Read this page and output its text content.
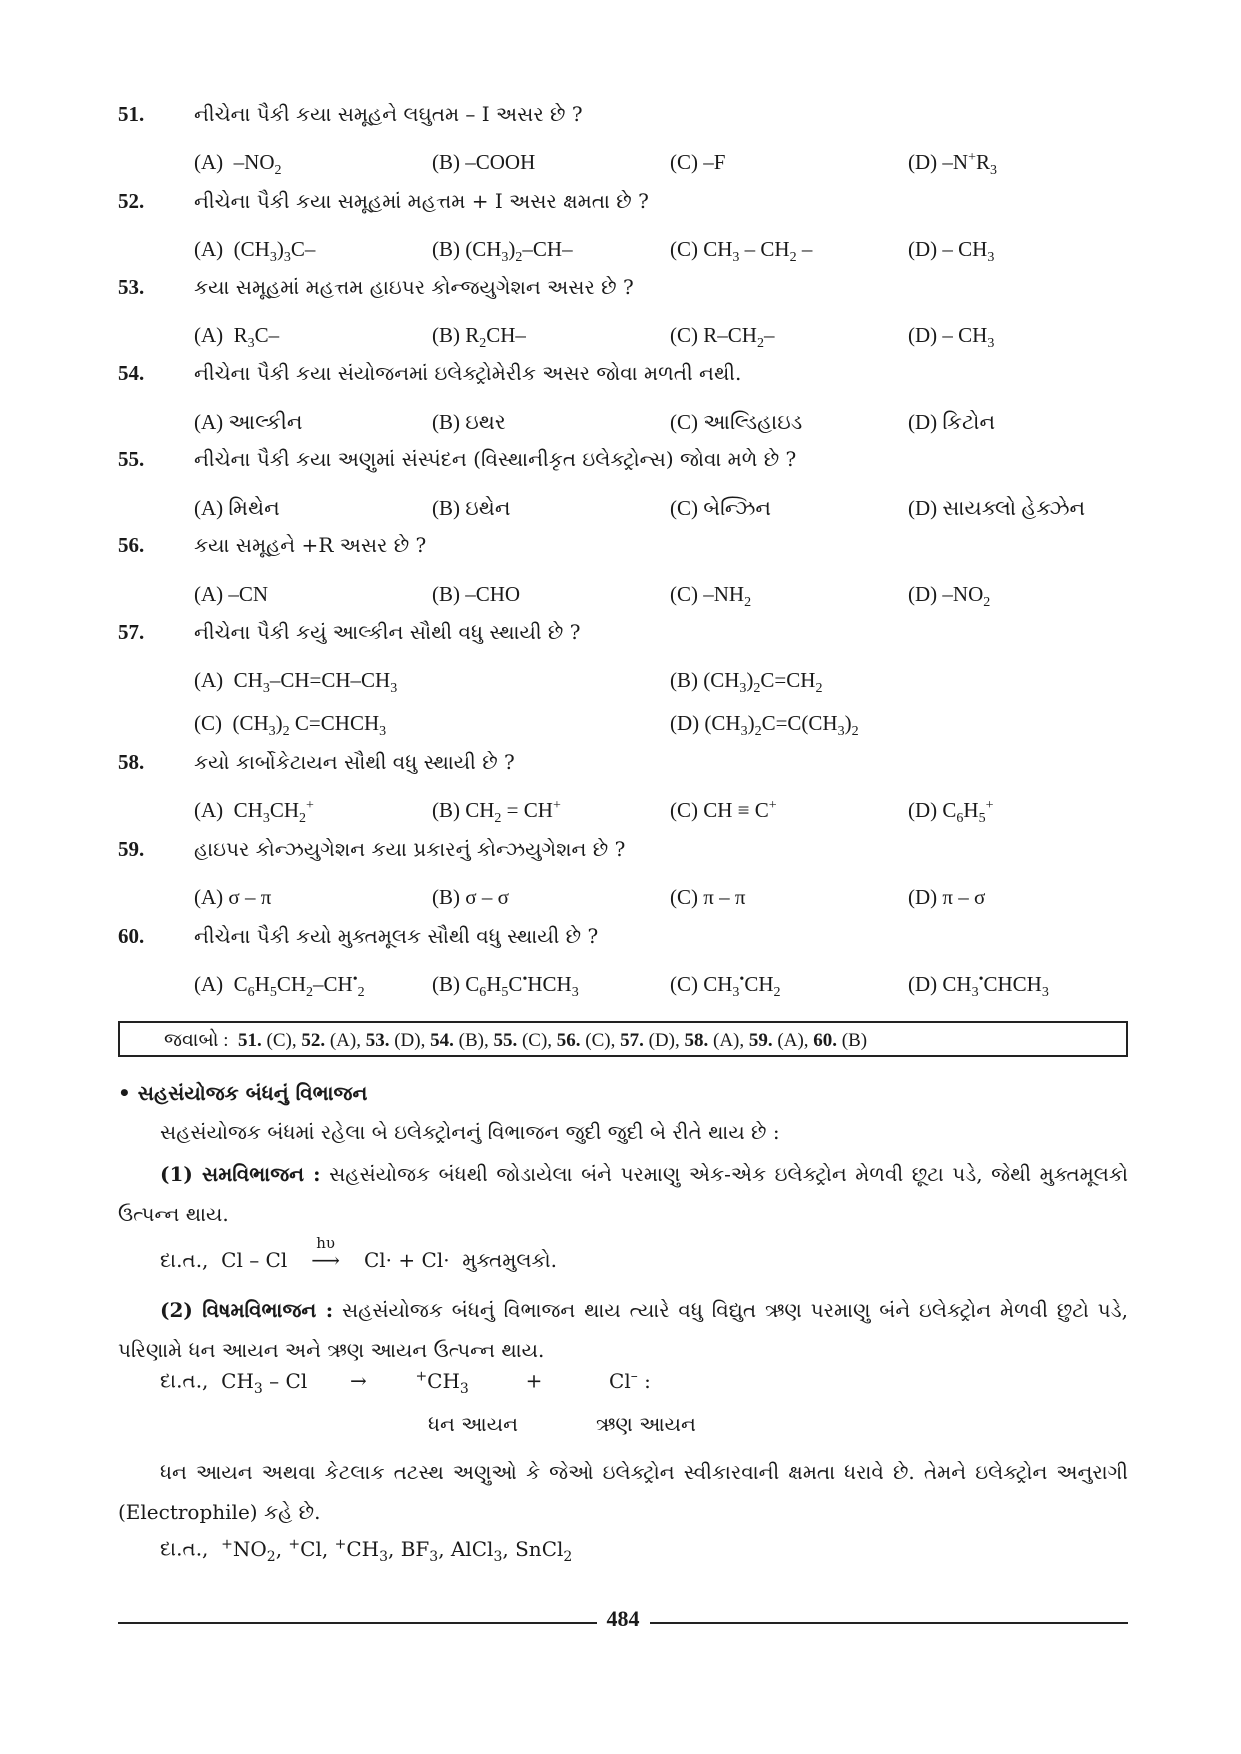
51. નીચેના પૈકી કયા સમૂહને લઘુતમ – I અસર છે ?
(A)  $-NO_2$	(B) –COOH	(C) –F	(D) $-N^+R_3$
52. નીચેના પૈકી કયા સમૂહમાં મહત્તમ + I અસર ક્ષમતા છે ?
(A)  $(CH_3)_3C-$	(B) $(CH_3)_2-CH-$	(C) $CH_3 - CH_2$ –	$(D) - CH_3$
53. કયા સમૂહમાં મહત્તમ હાઇપર કોન્જયુગેશન અસર છે ?
(A)  $R_3C-$	(B) $R_2CH-$	(C) $R-CH_2-$	$(D) - CH_3$
54. નીચેના પૈકી કયા સંયોજનમાં ઇલેક્ટ્રોમેરીક અસર જોવા મળતી નથી.
(A) આલ્કીન	(B) ઇથર	(C) આલ્ડિહાઇડ	(D) કિટોન
55. નીચેના પૈકી કયા અણુમાં સંસ્પંદન (વિસ્થાનીકૃત ઇલેક્ટ્રોન્સ) જોવા મળે છે ?
(A) મિથેન	(B) ઇથેન	(C) બેન્ઝિન	(D) સાયક્લો હેક્ઝેન
56. કયા સમૂહને +R અસર છે ?
(A) –CN	(B) –CHO	(C) $-NH_2$	(D) $-NO_2$
57. નીચેના પૈકી કયું આલ્કીન સૌથી વધુ સ્થાયી છે ?
(A)  $CH_3-CH=CH-CH_3$	(B) $(CH_3)_2C=CH_2$
(C)  $(CH_3)_2$ $C=CHCH_3$	(D) $(CH_3)_2C=C(CH_3)_2$
58. કયો કાર્બોકેટાયન સૌથી વધુ સ્થાયી છે ?
(A)  $CH_3CH_2^+$	(B) $CH_2 = CH^+$	(C) CH ≡ C+	(D) $C_6H_5^+$
59. હાઇપર કોન્ઝયુગેશન કયા પ્રકારનું કોન્ઝયુગેશન છે ?
(A) σ – π	(B) σ – σ	(C) π – π	(D) π – σ
60. નીચેના પૈકી કયો મુક્તમૂલક સૌથી વધુ સ્થાયી છે ?
(A)  $C_6H_5CH_2-CH^•_2$	(B) $C_6H_5C^•HCH_3$	(C) $CH_3^•CH_2$	(D) $CH_3^•CHCH_3$
જવાબો : 51. (C), 52. (A), 53. (D), 54. (B), 55. (C), 56. (C), 57. (D), 58. (A), 59. (A), 60. (B)
• સહસંયોજક બંધનું વિભાજન
સહસંયોજક બંધમાં રહેલા બે ઇલેક્ટ્રોનનું વિભાજન જુદી જુદી બે રીતે થાય છે :
(1) સમવિભાજન : સહસંયોજક બંધથી જોડાયેલા બંને પરમાણુ એક-એક ઇલેક્ટ્રોન મેળવી છૂટા પડે, જેથી મુક્તમૂલકો ઉત્પન્ન થાય.
દા.ત., Cl – Cl
hυ
⟶ Cl· + Cl· મુક્તમુલકો.
(2) વિષમવિભાજન : સહસંયોજક બંધનું વિભાજન થાય ત્યારે વધુ વિદ્યુત ઋણ પરમાણુ બંને ઇલેક્ટ્રોન મેળવી છુટો પડે, પરિણામે ધન આયન અને ઋણ આયન ઉત્પન્ન થાય.
દા.ત., $CH_3$ – Cl →	$^+CH_3$	+	Cl– :
ધન આયન	ઋણ આયન
ધન આયન અથવા કેટલાક તટસ્થ અણુઓ કે જેઓ ઇલેક્ટ્રોન સ્વીકારવાની ક્ષમતા ધરાવે છે. તેમને ઇલેક્ટ્રોન અનુરાગી (Electrophile) કહે છે.
દા.ત., $^+NO_2$, +Cl, $^+CH_3$, $BF_3$, AlCl$_3$, SnCl$_2$
484
